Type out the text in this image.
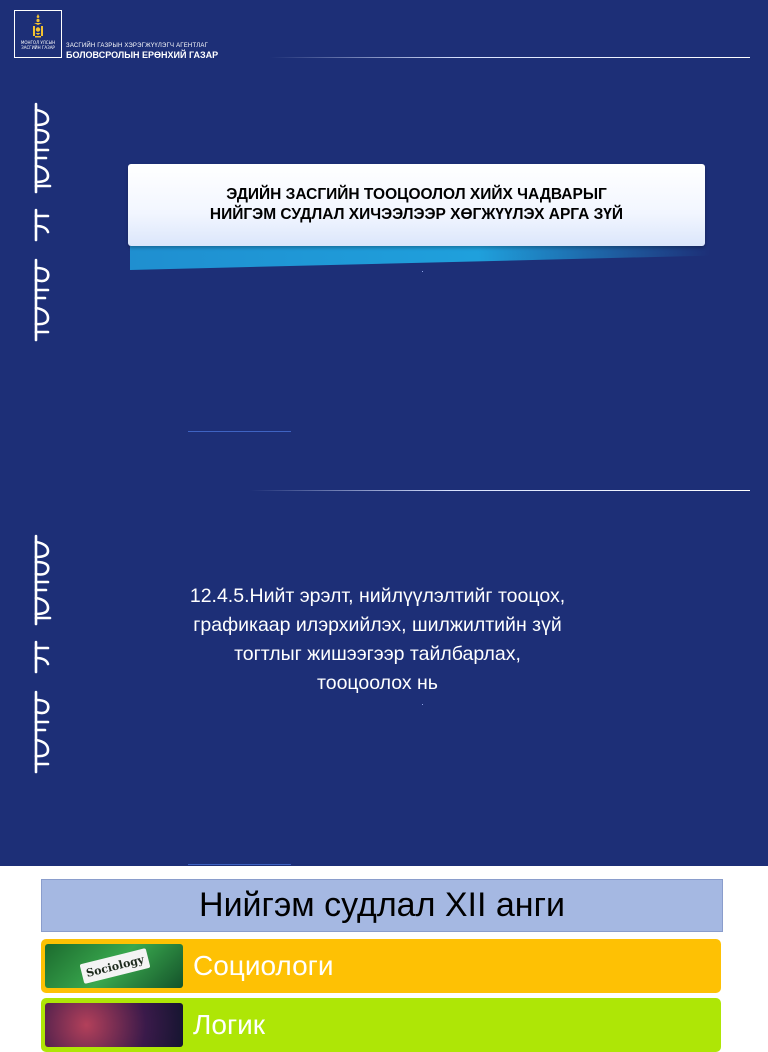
МОНГОЛ УЛСЫН ЗАСГИЙН ГАЗАР	ЗАСГИЙН ГАЗРЫН ХЭРЭГЖҮҮЛЭГЧ АГЕНТЛАГ
БОЛОВСРОЛЫН ЕРӨНХИЙ ГАЗАР
ЭДИЙН ЗАСГИЙН ТООЦООЛОЛ ХИЙХ ЧАДВАРЫГ
НИЙГЭМ СУДЛАЛ ХИЧЭЭЛЭЭР ХӨГЖҮҮЛЭХ АРГА ЗҮЙ
12.4.5.Нийт эрэлт, нийлүүлэлтийг тооцох,
графикаар илэрхийлэх, шилжилтийн зүй
тогтлыг жишээгээр тайлбарлах,
тооцоолох нь
Нийгэм судлал XII анги
Sociology Социологи
Логик
